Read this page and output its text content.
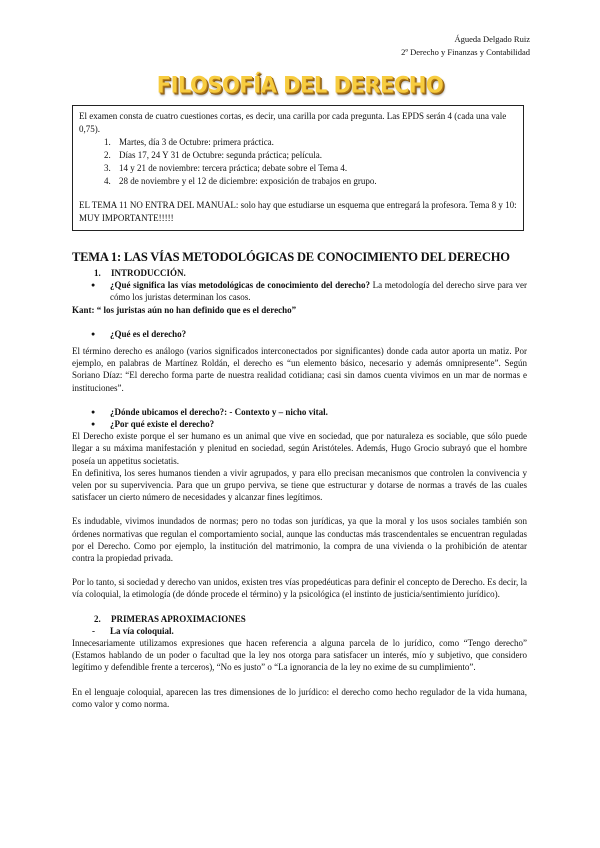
Águeda Delgado Ruiz
2º Derecho y Finanzas y Contabilidad
FILOSOFÍA DEL DERECHO

El examen consta de cuatro cuestiones cortas, es decir, una carilla por cada pregunta. Las EPDS serán 4 (cada una vale 0,75).

1. Martes, día 3 de Octubre: primera práctica.
2. Días 17, 24 Y 31 de Octubre: segunda práctica; película.
3. 14 y 21 de noviembre: tercera práctica; debate sobre el Tema 4.
4. 28 de noviembre y el 12 de diciembre: exposición de trabajos en grupo.

EL TEMA 11 NO ENTRA DEL MANUAL: solo hay que estudiarse un esquema que entregará la profesora. Tema 8 y 10: MUY IMPORTANTE!!!!!

TEMA 1: LAS VÍAS METODOLÓGICAS DE CONOCIMIENTO DEL DERECHO

1. INTRODUCCIÓN.

● ¿Qué significa las vías metodológicas de conocimiento del derecho? La metodología del derecho sirve para ver cómo los juristas determinan los casos.

Kant: “ los juristas aún no han definido que es el derecho”

● ¿Qué es el derecho?

El término derecho es análogo (varios significados interconectados por significantes) donde cada autor aporta un matiz. Por ejemplo, en palabras de Martínez Roldán, el derecho es “un elemento básico, necesario y además omnipresente”. Según Soriano Díaz: “El derecho forma parte de nuestra realidad cotidiana; casi sin damos cuenta vivimos en un mar de normas e instituciones”.

● ¿Dónde ubicamos el derecho?: - Contexto y – nicho vital.

● ¿Por qué existe el derecho?

El Derecho existe porque el ser humano es un animal que vive en sociedad, que por naturaleza es sociable, que sólo puede llegar a su máxima manifestación y plenitud en sociedad, según Aristóteles. Además, Hugo Grocio subrayó que el hombre poseía un appetitus societatis.

En definitiva, los seres humanos tienden a vivir agrupados, y para ello precisan mecanismos que controlen la convivencia y velen por su supervivencia. Para que un grupo perviva, se tiene que estructurar y dotarse de normas a través de las cuales satisfacer un cierto número de necesidades y alcanzar fines legítimos.

Es indudable, vivimos inundados de normas; pero no todas son jurídicas, ya que la moral y los usos sociales también son órdenes normativas que regulan el comportamiento social, aunque las conductas más trascendentales se encuentran reguladas por el Derecho. Como por ejemplo, la institución del matrimonio, la compra de una vivienda o la prohibición de atentar contra la propiedad privada.

Por lo tanto, si sociedad y derecho van unidos, existen tres vías propedéuticas para definir el concepto de Derecho. Es decir, la vía coloquial, la etimología (de dónde procede el término) y la psicológica (el instinto de justicia/sentimiento jurídico).

2. PRIMERAS APROXIMACIONES

- La vía coloquial.

Innecesariamente utilizamos expresiones que hacen referencia a alguna parcela de lo jurídico, como “Tengo derecho” (Estamos hablando de un poder o facultad que la ley nos otorga para satisfacer un interés, mío y subjetivo, que considero legítimo y defendible frente a terceros), “No es justo” o “La ignorancia de la ley no exime de su cumplimiento”.

En el lenguaje coloquial, aparecen las tres dimensiones de lo jurídico: el derecho como hecho regulador de la vida humana, como valor y como norma.
